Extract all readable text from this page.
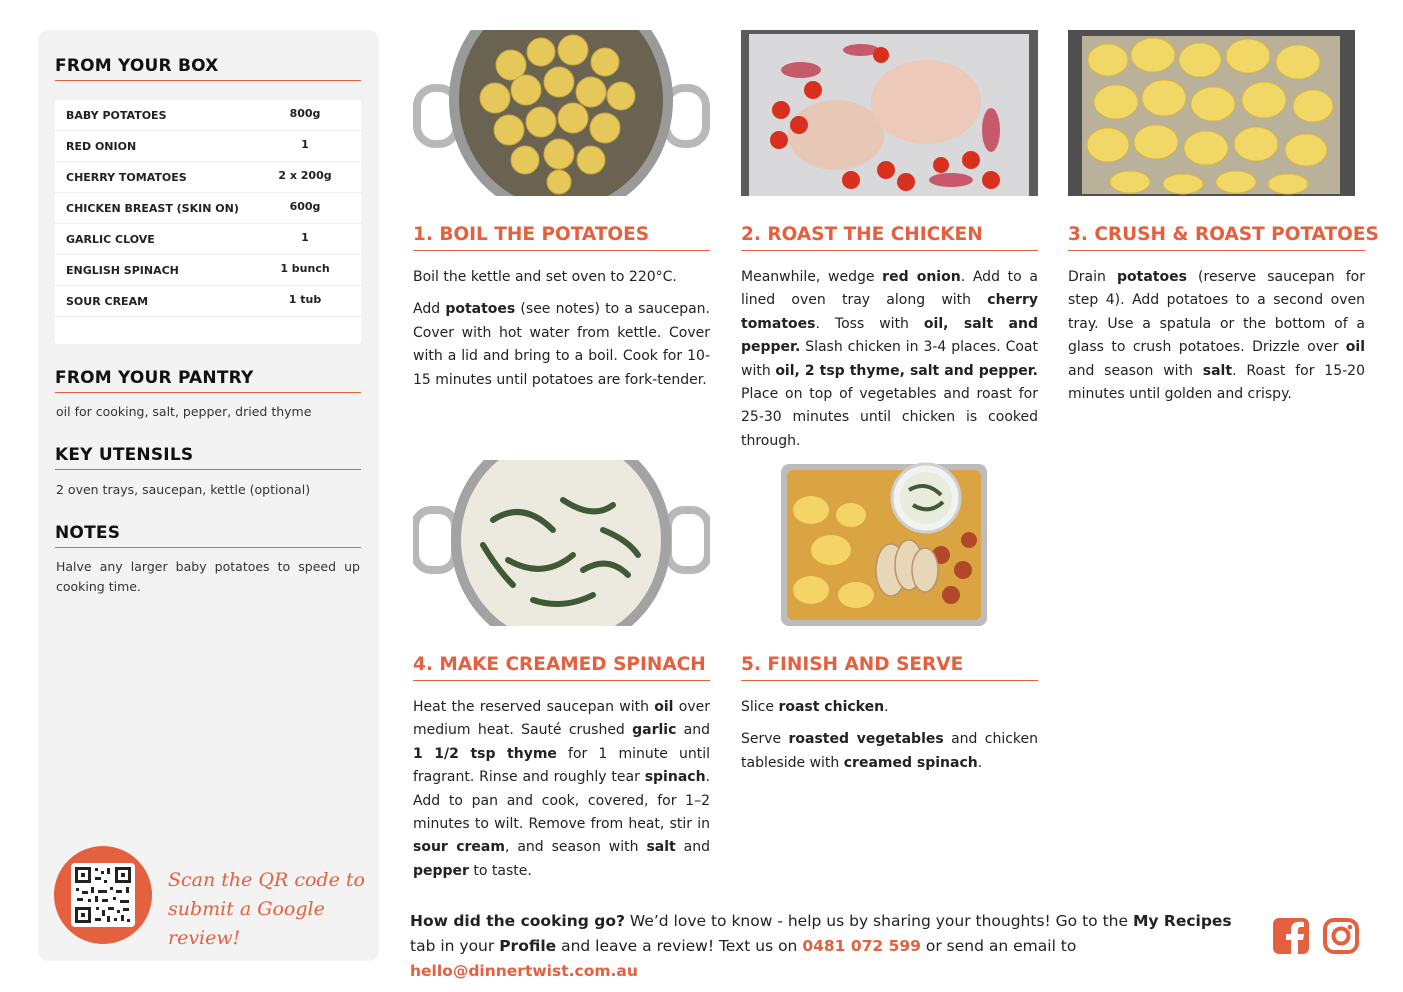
FROM YOUR BOX
BABY POTATOES	800g
RED ONION	1
CHERRY TOMATOES	2 x 200g
CHICKEN BREAST (SKIN ON)	600g
GARLIC CLOVE	1
ENGLISH SPINACH	1 bunch
SOUR CREAM	1 tub
FROM YOUR PANTRY
oil for cooking, salt, pepper, dried thyme
KEY UTENSILS
2 oven trays, saucepan, kettle (optional)
NOTES
Halve any larger baby potatoes to speed up cooking time.
Scan the QR code to
submit a Google review!
1. BOIL THE POTATOES

Boil the kettle and set oven to 220°C.

Add potatoes (see notes) to a saucepan. Cover with hot water from kettle. Cover with a lid and bring to a boil. Cook for 10-15 minutes until potatoes are fork-tender.

2. ROAST THE CHICKEN

Meanwhile, wedge red onion. Add to a lined oven tray along with cherry tomatoes. Toss with oil, salt and pepper. Slash chicken in 3-4 places. Coat with oil, 2 tsp thyme, salt and pepper. Place on top of vegetables and roast for 25-30 minutes until chicken is cooked through.

3. CRUSH & ROAST POTATOES

Drain potatoes (reserve saucepan for step 4). Add potatoes to a second oven tray. Use a spatula or the bottom of a glass to crush potatoes. Drizzle over oil and season with salt. Roast for 15-20 minutes until golden and crispy.

4. MAKE CREAMED SPINACH

Heat the reserved saucepan with oil over medium heat. Sauté crushed garlic and 1 1/2 tsp thyme for 1 minute until fragrant. Rinse and roughly tear spinach. Add to pan and cook, covered, for 1–2 minutes to wilt. Remove from heat, stir in sour cream, and season with salt and pepper to taste.

5. FINISH AND SERVE

Slice roast chicken.

Serve roasted vegetables and chicken tableside with creamed spinach.

How did the cooking go? We’d love to know - help us by sharing your thoughts! Go to the My Recipes tab in your Profile and leave a review! Text us on 0481 072 599 or send an email to hello@dinnertwist.com.au
